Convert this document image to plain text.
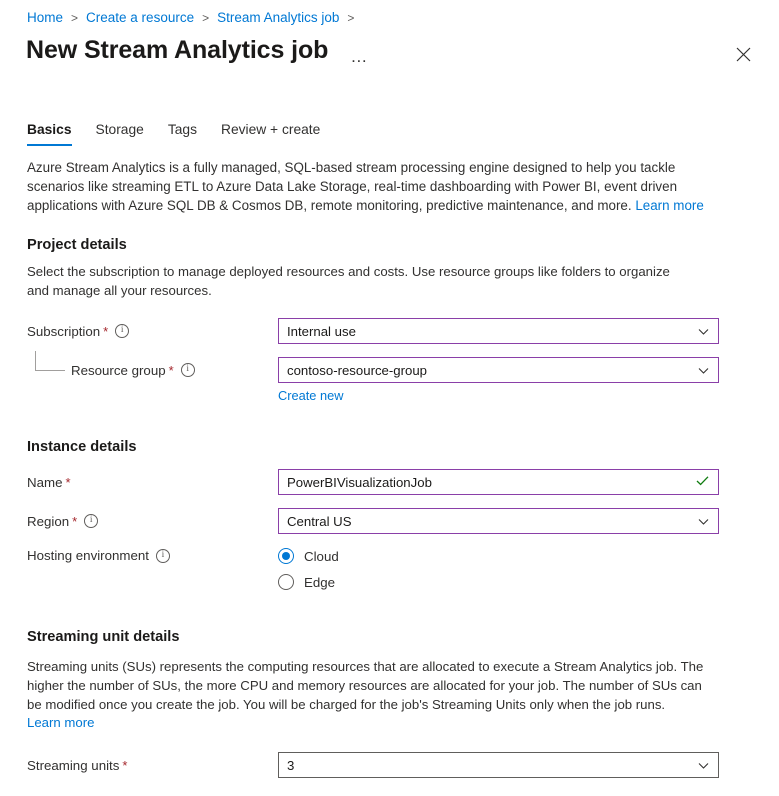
Home > Create a resource > Stream Analytics job >
New Stream Analytics job	…
Basics	Storage	Tags	Review + create
Azure Stream Analytics is a fully managed, SQL-based stream processing engine designed to help you tackle scenarios like streaming ETL to Azure Data Lake Storage, real-time dashboarding with Power BI, event driven applications with Azure SQL DB & Cosmos DB, remote monitoring, predictive maintenance, and more. Learn more
Project details
Select the subscription to manage deployed resources and costs. Use resource groups like folders to organize and manage all your resources.
Subscription *	i	Internal use
Resource group *	i	contoso-resource-group
Create new
Instance details
Name *	PowerBIVisualizationJob
Region *	i	Central US
Hosting environment	i	Cloud
Edge
Streaming unit details
Streaming units (SUs) represents the computing resources that are allocated to execute a Stream Analytics job. The higher the number of SUs, the more CPU and memory resources are allocated for your job. The number of SUs can be modified once you create the job. You will be charged for the job's Streaming Units only when the job runs.
Learn more
Streaming units *	3
